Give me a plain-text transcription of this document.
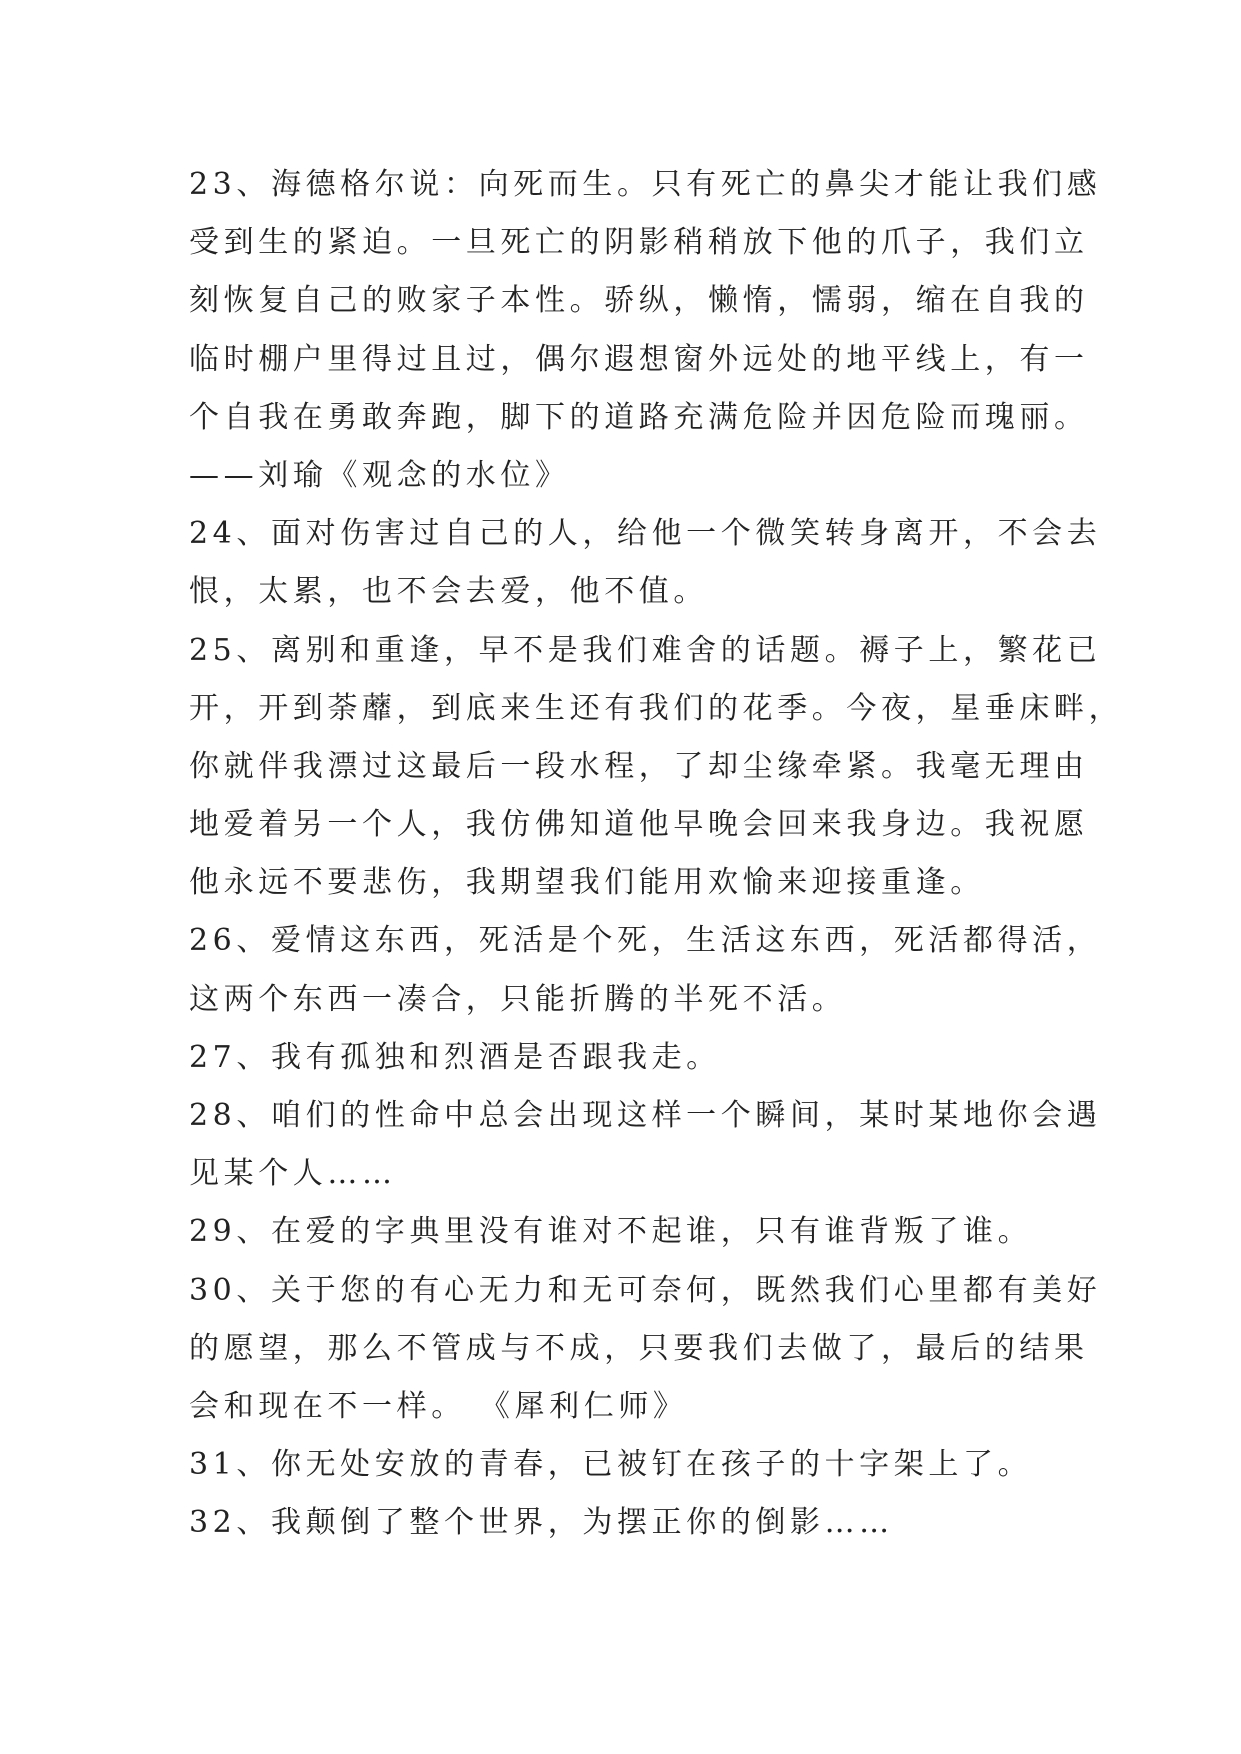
23、海德格尔说：向死而生。只有死亡的鼻尖才能让我们感
受到生的紧迫。一旦死亡的阴影稍稍放下他的爪子，我们立
刻恢复自己的败家子本性。骄纵，懒惰，懦弱，缩在自我的
临时棚户里得过且过，偶尔遐想窗外远处的地平线上，有一
个自我在勇敢奔跑，脚下的道路充满危险并因危险而瑰丽。
——刘瑜《观念的水位》
24、面对伤害过自己的人，给他一个微笑转身离开，不会去
恨，太累，也不会去爱，他不值。
25、离别和重逢，早不是我们难舍的话题。褥子上，繁花已
开，开到荼蘼，到底来生还有我们的花季。今夜，星垂床畔，
你就伴我漂过这最后一段水程，了却尘缘牵紧。我毫无理由
地爱着另一个人，我仿佛知道他早晚会回来我身边。我祝愿
他永远不要悲伤，我期望我们能用欢愉来迎接重逢。
26、爱情这东西，死活是个死，生活这东西，死活都得活，
这两个东西一凑合，只能折腾的半死不活。
27、我有孤独和烈酒是否跟我走。
28、咱们的性命中总会出现这样一个瞬间，某时某地你会遇
见某个人……
29、在爱的字典里没有谁对不起谁，只有谁背叛了谁。
30、关于您的有心无力和无可奈何，既然我们心里都有美好
的愿望，那么不管成与不成，只要我们去做了，最后的结果
会和现在不一样。 《犀利仁师》
31、你无处安放的青春，已被钉在孩子的十字架上了。
32、我颠倒了整个世界，为摆正你的倒影……
